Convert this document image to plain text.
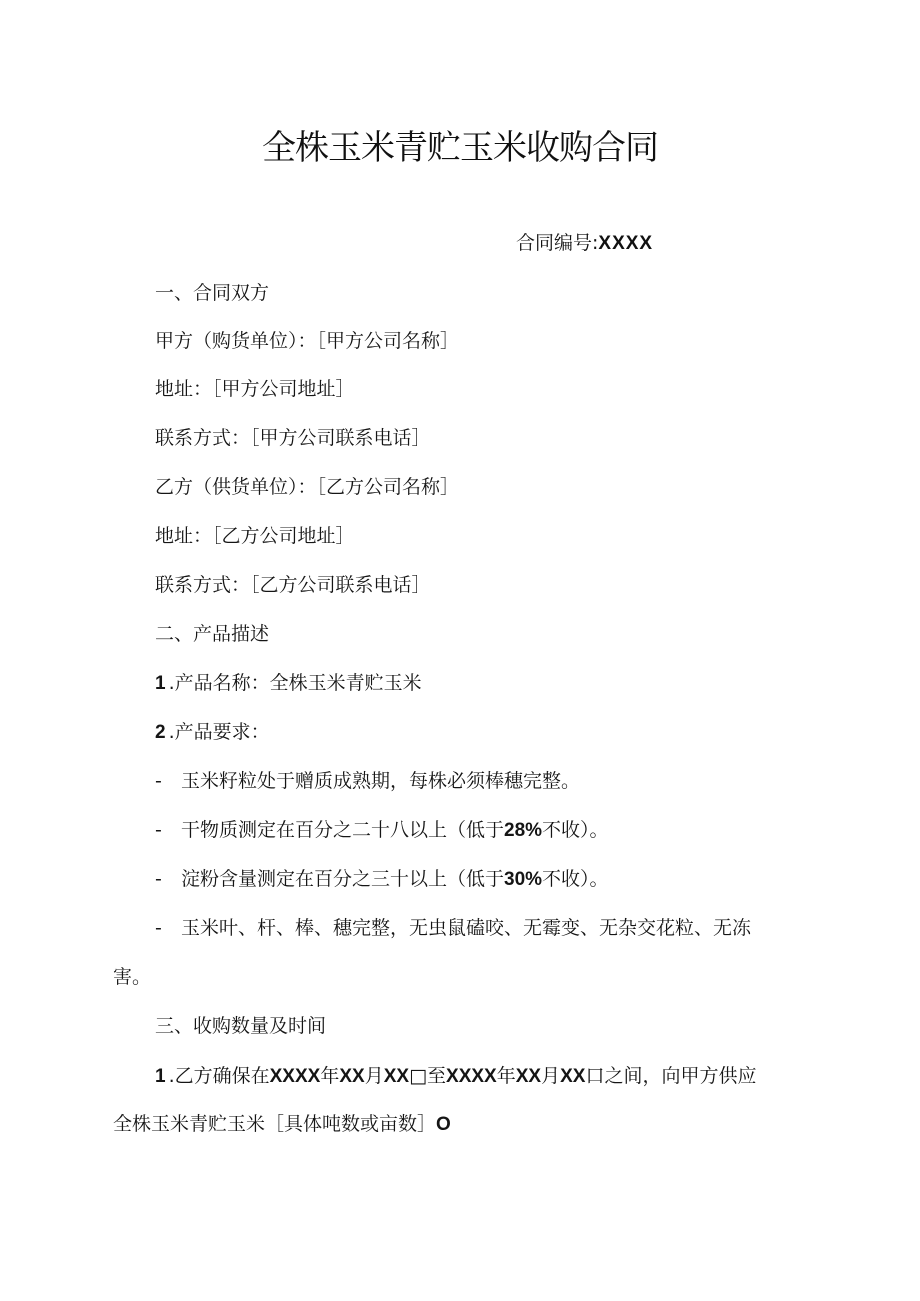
全株玉米青贮玉米收购合同
合同编号:XXXX
一、合同双方
甲方（购货单位）：［甲方公司名称］
地址：［甲方公司地址］
联系方式：［甲方公司联系电话］
乙方（供货单位）：［乙方公司名称］
地址：［乙方公司地址］
联系方式：［乙方公司联系电话］
二、产品描述
1.产品名称：全株玉米青贮玉米
2.产品要求：
- 玉米籽粒处于赠质成熟期，每株必须棒穗完整。
- 干物质测定在百分之二十八以上（低于28%不收）。
- 淀粉含量测定在百分之三十以上（低于30%不收）。
- 玉米叶、杆、棒、穗完整，无虫鼠磕咬、无霉变、无杂交花粒、无冻
害。
三、收购数量及时间
1.乙方确保在XXXX年XX月XX□至XXXX年XX月XX口之间，向甲方供应
全株玉米青贮玉米［具体吨数或亩数］O
